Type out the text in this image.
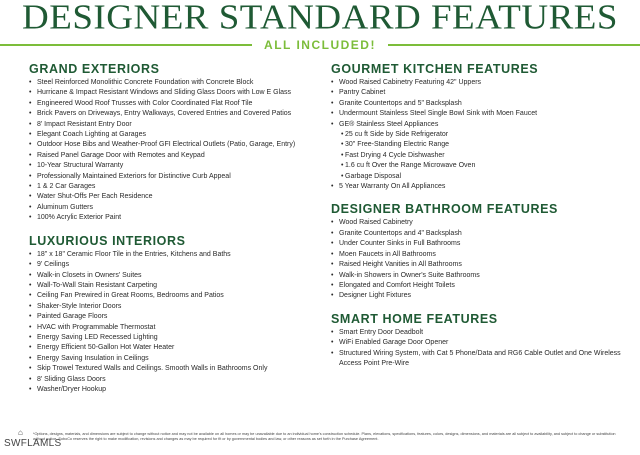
DESIGNER STANDARD FEATURES
ALL INCLUDED!
GRAND EXTERIORS
• Steel Reinforced Monolithic Concrete Foundation with Concrete Block
• Hurricane & Impact Resistant Windows and Sliding Glass Doors with Low E Glass
• Engineered Wood Roof Trusses with Color Coordinated Flat Roof Tile
• Brick Pavers on Driveways, Entry Walkways, Covered Entries and Covered Patios
• 8' Impact Resistant Entry Door
• Elegant Coach Lighting at Garages
• Outdoor Hose Bibs and Weather-Proof GFI Electrical Outlets (Patio, Garage, Entry)
• Raised Panel Garage Door with Remotes and Keypad
• 10-Year Structural Warranty
• Professionally Maintained Exteriors for Distinctive Curb Appeal
• 1 & 2 Car Garages
• Water Shut-Offs Per Each Residence
• Aluminum Gutters
• 100% Acrylic Exterior Paint
LUXURIOUS INTERIORS
• 18" x 18" Ceramic Floor Tile in the Entries, Kitchens and Baths
• 9' Ceilings
• Walk-in Closets in Owners' Suites
• Wall-To-Wall Stain Resistant Carpeting
• Ceiling Fan Prewired in Great Rooms, Bedrooms and Patios
• Shaker-Style Interior Doors
• Painted Garage Floors
• HVAC with Programmable Thermostat
• Energy Saving LED Recessed Lighting
• Energy Efficient 50-Gallon Hot Water Heater
• Energy Saving Insulation in Ceilings
• Skip Trowel Textured Walls and Ceilings. Smooth Walls in Bathrooms Only
• 8' Sliding Glass Doors
• Washer/Dryer Hookup
GOURMET KITCHEN FEATURES
• Wood Raised Cabinetry Featuring 42" Uppers
• Pantry Cabinet
• Granite Countertops and 5" Backsplash
• Undermount Stainless Steel Single Bowl Sink with Moen Faucet
• GE® Stainless Steel Appliances
• 25 cu ft Side by Side Refrigerator
• 30" Free-Standing Electric Range
• Fast Drying 4 Cycle Dishwasher
• 1.6 cu ft Over the Range Microwave Oven
• Garbage Disposal
• 5 Year Warranty On All Appliances
DESIGNER BATHROOM FEATURES
• Wood Raised Cabinetry
• Granite Countertops and 4" Backsplash
• Under Counter Sinks in Full Bathrooms
• Moen Faucets in All Bathrooms
• Raised Height Vanities in All Bathrooms
• Walk-in Showers in Owner's Suite Bathrooms
• Elongated and Comfort Height Toilets
• Designer Light Fixtures
SMART HOME FEATURES
• Smart Entry Door Deadbolt
• WiFi Enabled Garage Door Opener
• Structured Wiring System, with Cat 5 Phone/Data and RG6 Cable Outlet and One Wireless Access Point Pre-Wire
*Options, designs, materials, and dimensions are subject to change without notice and may not be available on all homes or may be unavailable due to an individual home's construction schedule. Plans, elevations, specifications, features, colors, designs, dimensions, and materials are all subject to availability, and subject to change or substitution without notice. SoboCo reserves the right to make modification, revisions and changes as may be required for fit or by governmental bodies and law, or other reasons as set forth in the Purchase Agreement.
⌂
SWFLAMLS
